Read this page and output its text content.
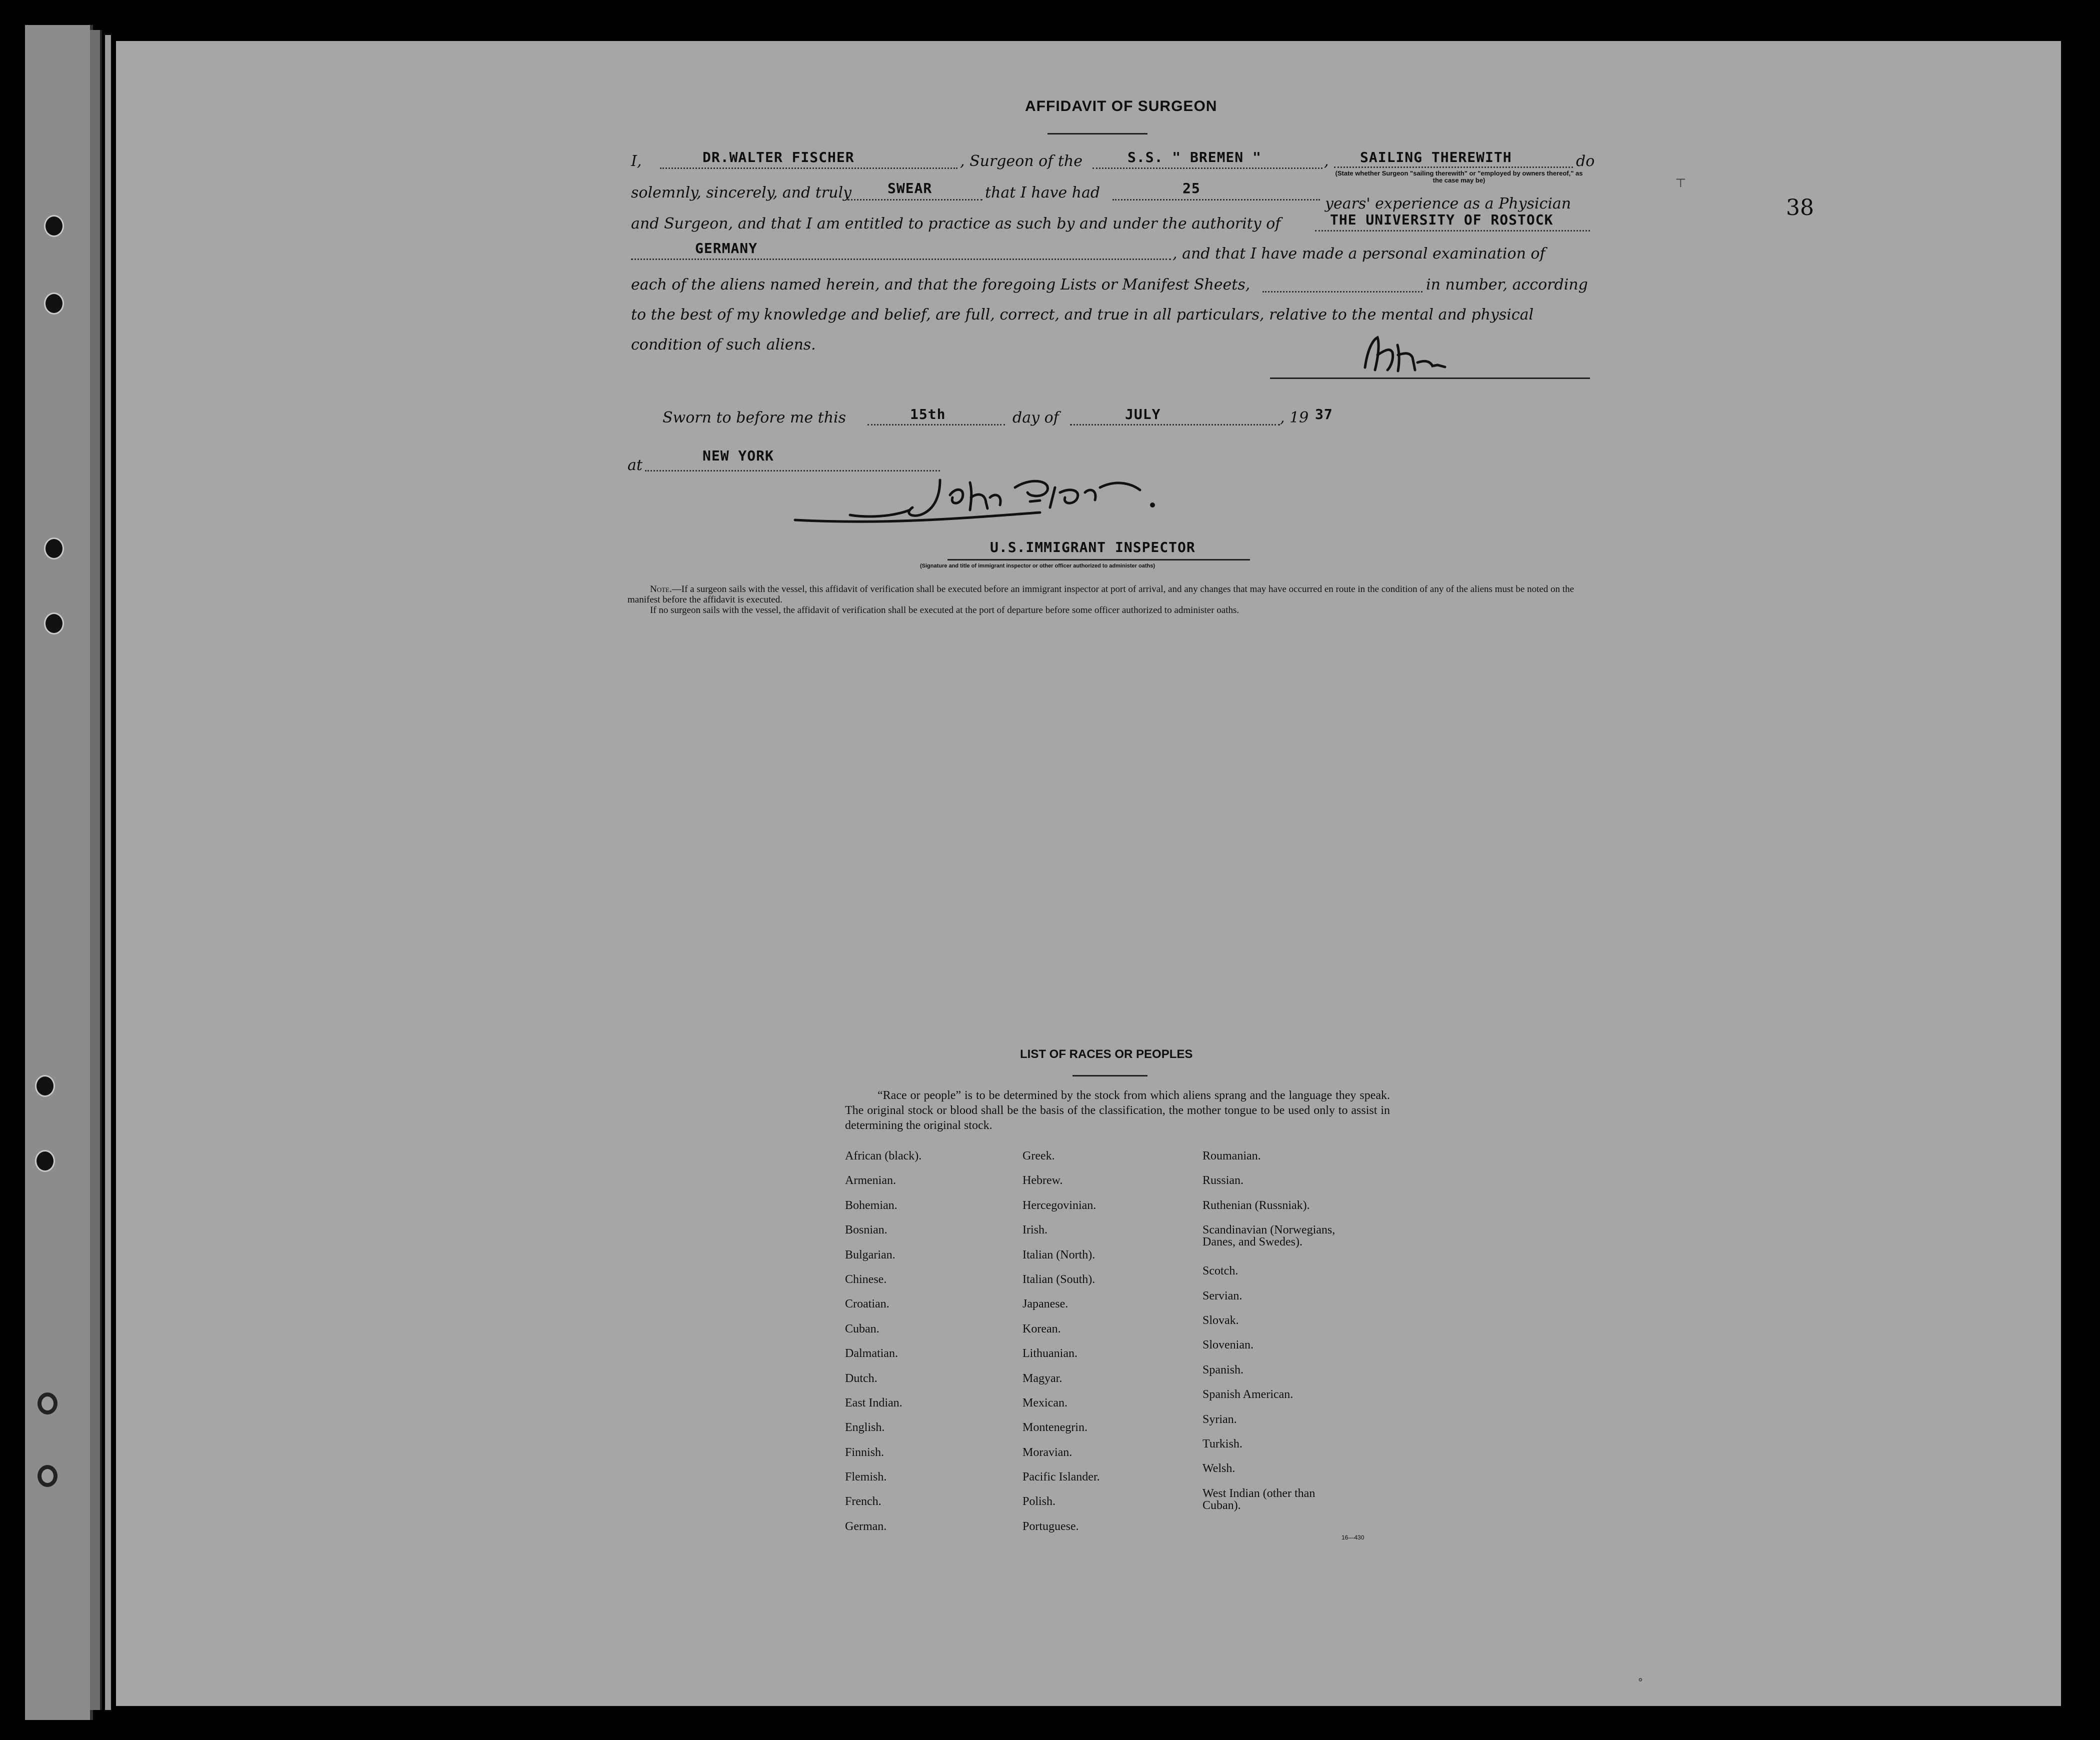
38
AFFIDAVIT OF SURGEON
I,	DR.WALTER FISCHER	, Surgeon of the	S.S. " BREMEN "	, SAILING THEREWITH
(State whether Surgeon "sailing therewith" or "employed by owners thereof," as the case may be)
do
solemnly, sincerely, and truly	SWEAR	that I have had	25
years' experience as a Physician
and Surgeon, and that I am entitled to practice as such by and under the authority of	THE UNIVERSITY OF ROSTOCK
GERMANY	, and that I have made a personal examination of
each of the aliens named herein, and that the foregoing Lists or Manifest Sheets,	in number, according
to the best of my knowledge and belief, are full, correct, and true in all particulars, relative to the mental and physical
condition of such aliens.
Sworn to before me this	15th	day of	JULY	, 19 37
at
NEW YORK
U.S.IMMIGRANT INSPECTOR
(Signature and title of immigrant inspector or other officer authorized to administer oaths)

Note.—If a surgeon sails with the vessel, this affidavit of verification shall be executed before an immigrant inspector at port of arrival, and any changes that may have occurred en route in the condition of any of the aliens must be noted on the manifest before the affidavit is executed.

If no surgeon sails with the vessel, the affidavit of verification shall be executed at the port of departure before some officer authorized to administer oaths.

LIST OF RACES OR PEOPLES
“Race or people” is to be determined by the stock from which aliens sprang and the language they speak. The original stock or blood shall be the basis of the classification, the mother tongue to be used only to assist in determining the original stock.
African (black).
Armenian.
Bohemian.
Bosnian.
Bulgarian.
Chinese.
Croatian.
Cuban.
Dalmatian.
Dutch.
East Indian.
English.
Finnish.
Flemish.
French.
German.
Greek.
Hebrew.
Hercegovinian.
Irish.
Italian (North).
Italian (South).
Japanese.
Korean.
Lithuanian.
Magyar.
Mexican.
Montenegrin.
Moravian.
Pacific Islander.
Polish.
Portuguese.
Roumanian.
Russian.
Ruthenian (Russniak).
Scandinavian (Norwegians,
Danes, and Swedes).
Scotch.
Servian.
Slovak.
Slovenian.
Spanish.
Spanish American.
Syrian.
Turkish.
Welsh.
West Indian (other than
Cuban).
16—430
⊤
∘
